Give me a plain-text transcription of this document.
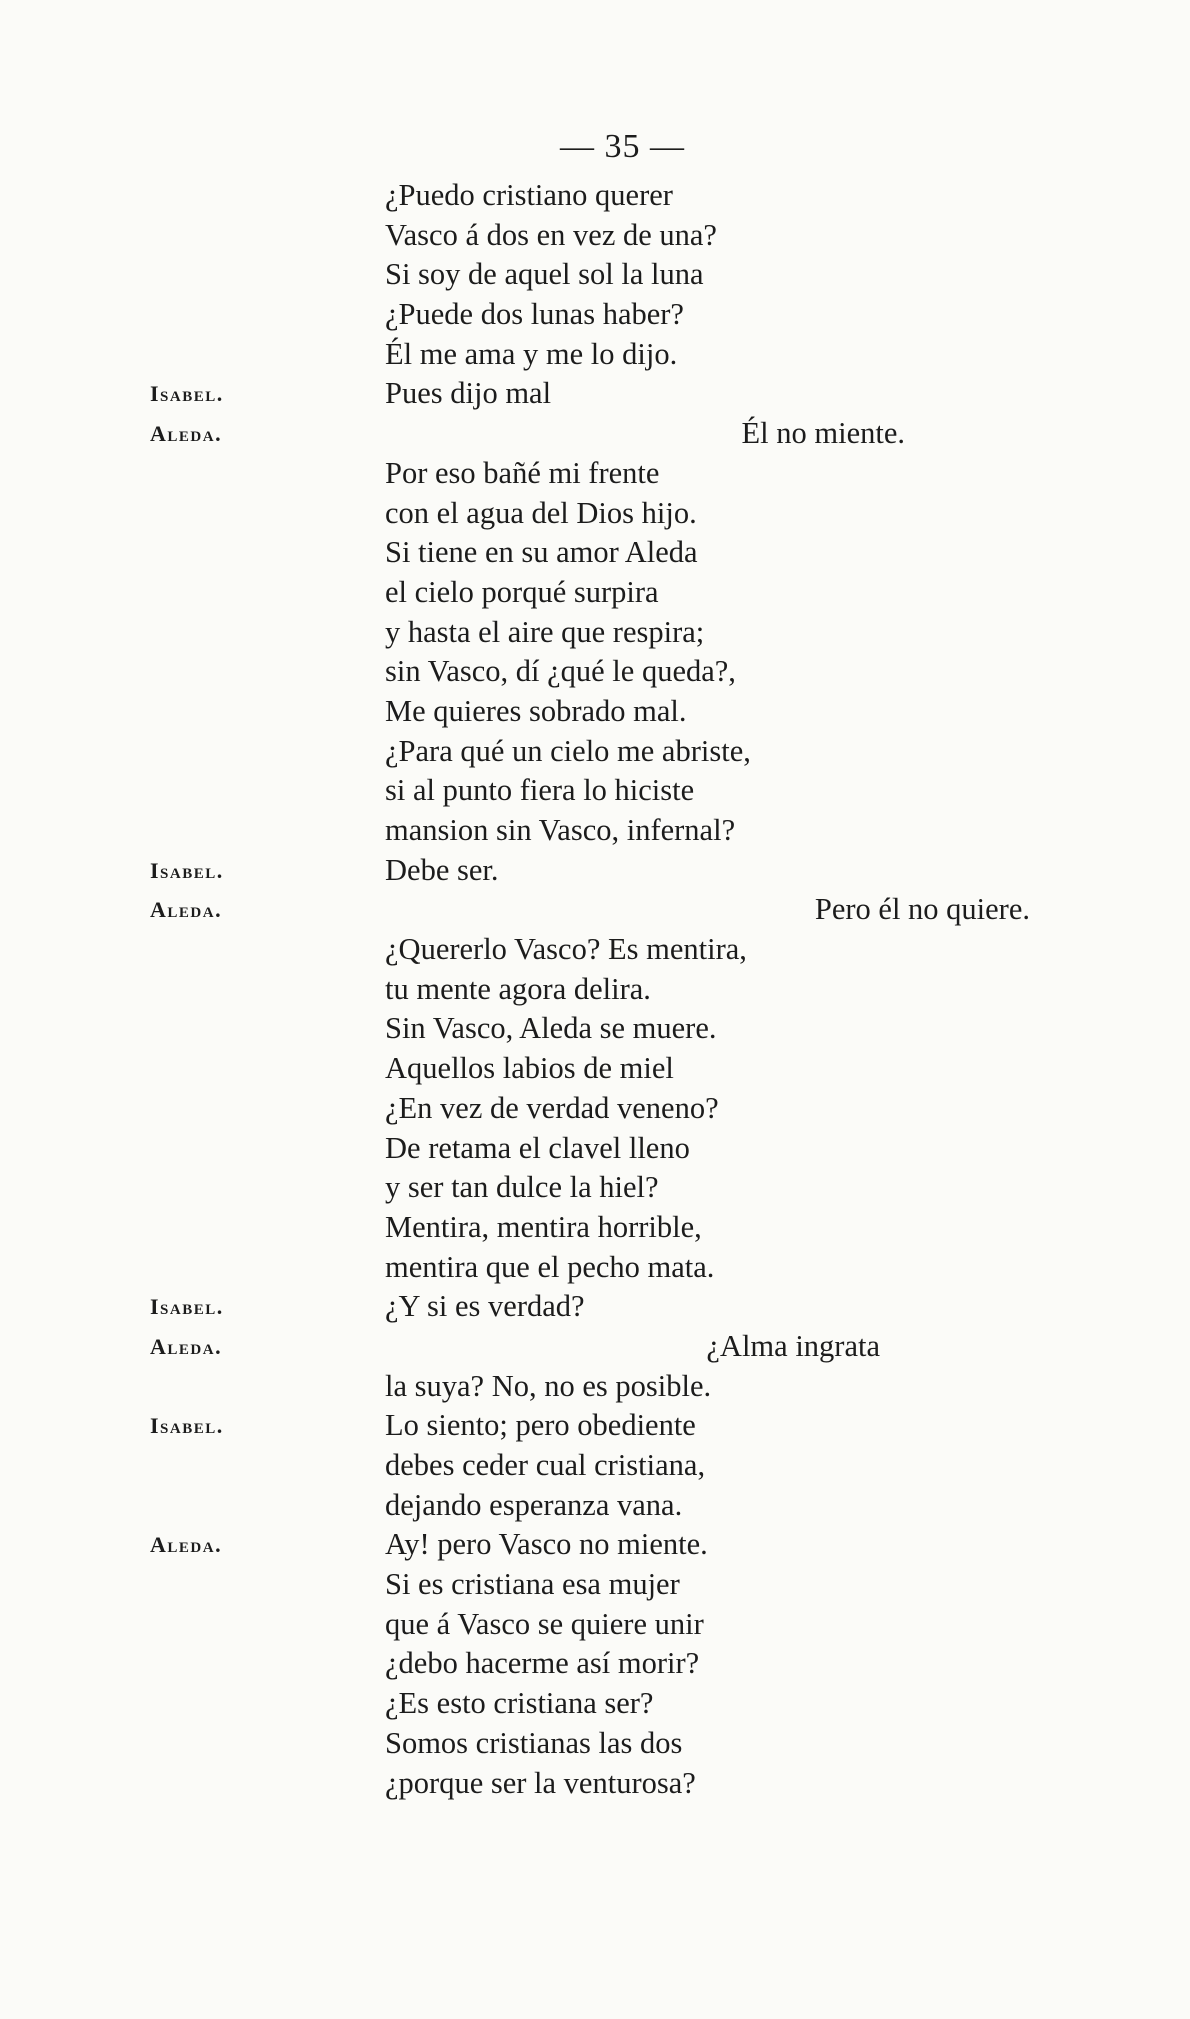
— 35 —
¿Puedo cristiano querer
Vasco á dos en vez de una?
Si soy de aquel sol la luna
¿Puede dos lunas haber?
Él me ama y me lo dijo.
Isabel.	Pues dijo mal
Aleda.	Él no miente.
Por eso bañé mi frente
con el agua del Dios hijo.
Si tiene en su amor Aleda
el cielo porqué surpira
y hasta el aire que respira;
sin Vasco, dí ¿qué le queda?,
Me quieres sobrado mal.
¿Para qué un cielo me abriste,
si al punto fiera lo hiciste
mansion sin Vasco, infernal?
Isabel.	Debe ser.
Aleda.	Pero él no quiere.
¿Quererlo Vasco? Es mentira,
tu mente agora delira.
Sin Vasco, Aleda se muere.
Aquellos labios de miel
¿En vez de verdad veneno?
De retama el clavel lleno
y ser tan dulce la hiel?
Mentira, mentira horrible,
mentira que el pecho mata.
Isabel.	¿Y si es verdad?
Aleda.	¿Alma ingrata
la suya? No, no es posible.
Isabel.	Lo siento; pero obediente
debes ceder cual cristiana,
dejando esperanza vana.
Aleda.	Ay! pero Vasco no miente.
Si es cristiana esa mujer
que á Vasco se quiere unir
¿debo hacerme así morir?
¿Es esto cristiana ser?
Somos cristianas las dos
¿porque ser la venturosa?
